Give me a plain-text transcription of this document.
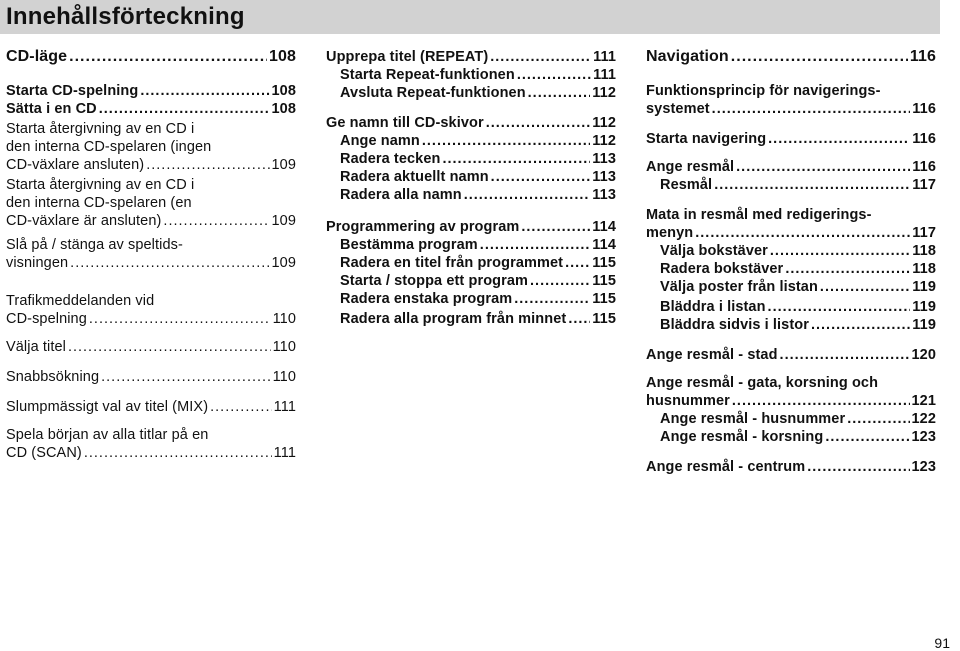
Innehållsförteckning
CD-läge .....	108
Starta CD-spelning .....	108
Sätta i en CD .....	108
Starta återgivning av en CD i
den interna CD-spelaren (ingen
CD-växlare ansluten) .....	109
Starta återgivning av en CD i
den interna CD-spelaren (en
CD-växlare är ansluten) .....	109
Slå på / stänga av speltids-
visningen .....	109
Trafikmeddelanden vid
CD-spelning .....	110
Välja titel .....	110
Snabbsökning .....	110
Slumpmässigt val av titel (MIX) .....	111
Spela början av alla titlar på en
CD (SCAN) .....	111
Upprepa titel (REPEAT) .....	111
Starta Repeat-funktionen .....	111
Avsluta Repeat-funktionen .....	112
Ge namn till CD-skivor .....	112
Ange namn .....	112
Radera tecken .....	113
Radera aktuellt namn .....	113
Radera alla namn .....	113
Programmering av program .....	114
Bestämma program .....	114
Radera en titel från programmet ..... 115
Starta / stoppa ett program .....	115
Radera enstaka program .....	115
Radera alla program från minnet ..... 115
Navigation .....	116
Funktionsprincip för navigerings-
systemet .....	116
Starta navigering .....	116
Ange resmål .....	116
Resmål .....	117
Mata in resmål med redigerings-
menyn .....	117
Välja bokstäver .....	118
Radera bokstäver .....	118
Välja poster från listan .....	119
Bläddra i listan .....	119
Bläddra sidvis i listor .....	119
Ange resmål - stad .....	120
Ange resmål - gata, korsning och
husnummer .....	121
Ange resmål - husnummer .....	122
Ange resmål - korsning .....	123
Ange resmål - centrum .....	123
91
